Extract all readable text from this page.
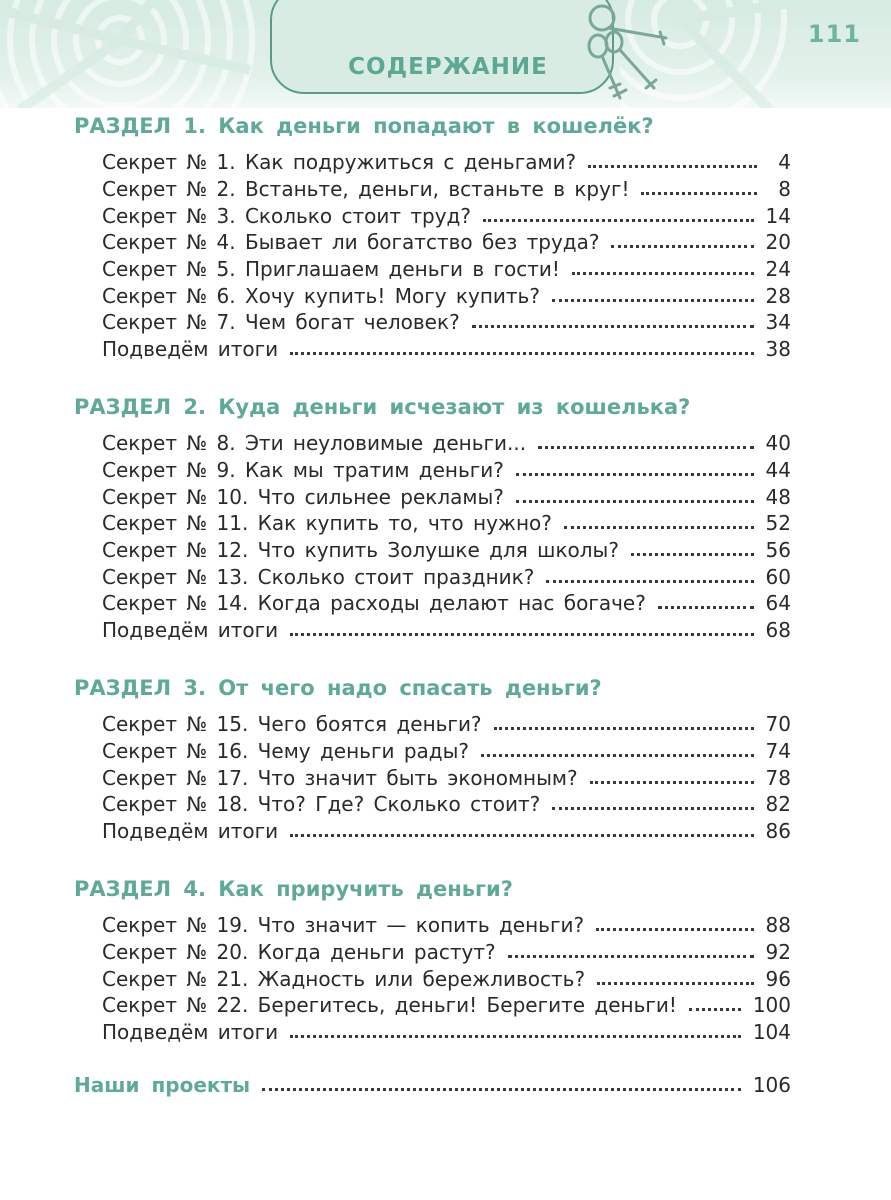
СОДЕРЖАНИЕ
111
РАЗДЕЛ 1. Как деньги попадают в кошелёк?
Секрет № 1. Как подружиться с деньгами?	4
Секрет № 2. Встаньте, деньги, встаньте в круг!	8
Секрет № 3. Сколько стоит труд?	14
Секрет № 4. Бывает ли богатство без труда?	20
Секрет № 5. Приглашаем деньги в гости!	24
Секрет № 6. Хочу купить! Могу купить?	28
Секрет № 7. Чем богат человек?	34
Подведём итоги	38
РАЗДЕЛ 2. Куда деньги исчезают из кошелька?
Секрет № 8. Эти неуловимые деньги...	40
Секрет № 9. Как мы тратим деньги?	44
Секрет № 10. Что сильнее рекламы?	48
Секрет № 11. Как купить то, что нужно?	52
Секрет № 12. Что купить Золушке для школы?	56
Секрет № 13. Сколько стоит праздник?	60
Секрет № 14. Когда расходы делают нас богаче?	64
Подведём итоги	68
РАЗДЕЛ 3. От чего надо спасать деньги?
Секрет № 15. Чего боятся деньги?	70
Секрет № 16. Чему деньги рады?	74
Секрет № 17. Что значит быть экономным?	78
Секрет № 18. Что? Где? Сколько стоит?	82
Подведём итоги	86
РАЗДЕЛ 4. Как приручить деньги?
Секрет № 19. Что значит — копить деньги?	88
Секрет № 20. Когда деньги растут?	92
Секрет № 21. Жадность или бережливость?	96
Секрет № 22. Берегитесь, деньги! Берегите деньги!	100
Подведём итоги	104
Наши проекты	106
